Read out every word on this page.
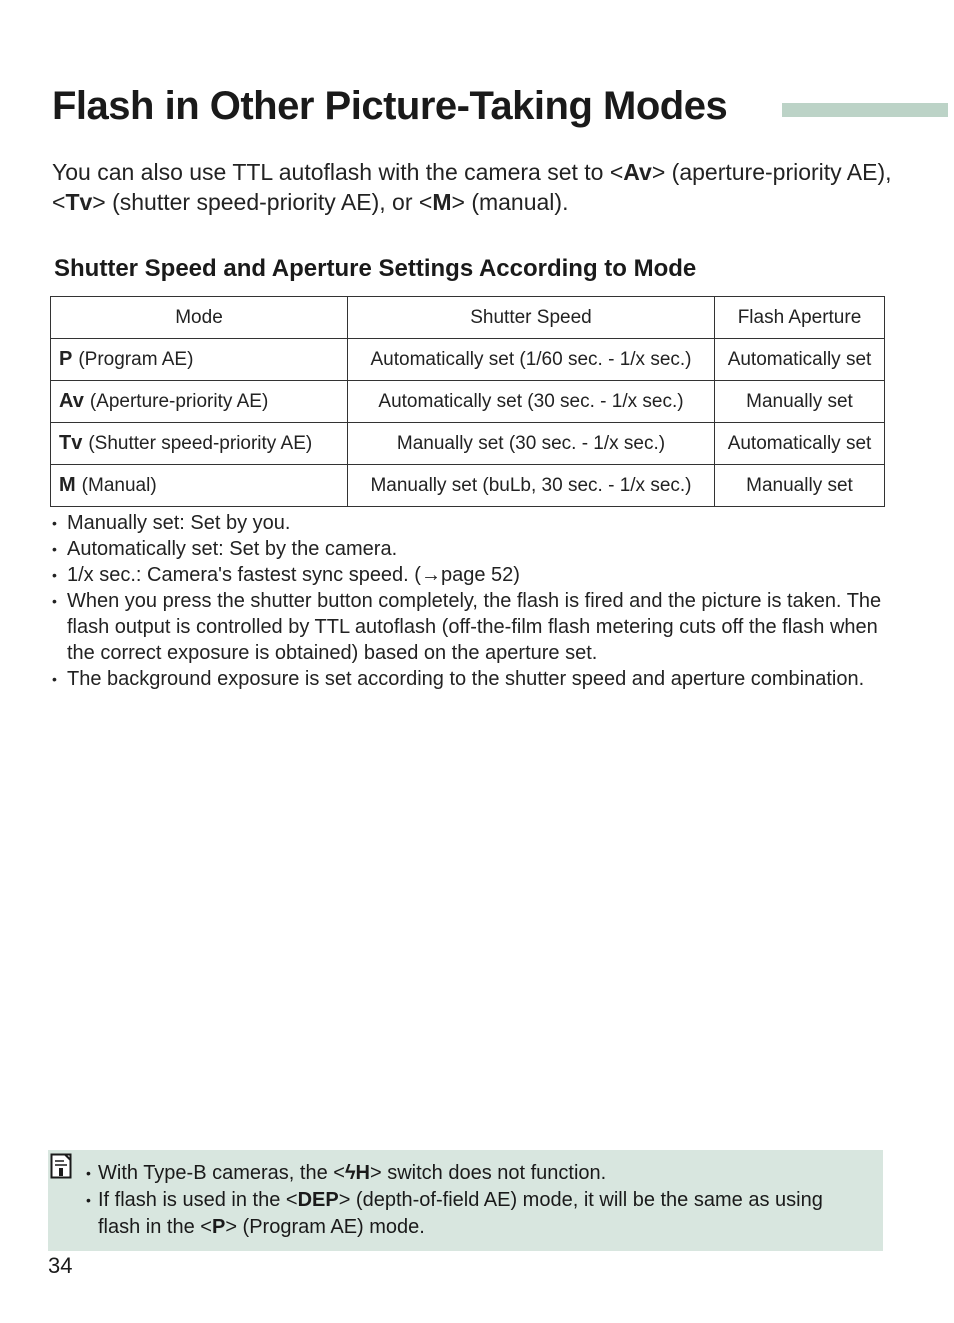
Flash in Other Picture-Taking Modes

You can also use TTL autoflash with the camera set to <Av> (aperture-priority AE), <Tv> (shutter speed-priority AE), or <M> (manual).

Shutter Speed and Aperture Settings According to Mode
Mode	Shutter Speed	Flash Aperture
P (Program AE)	Automatically set (1/60 sec. - 1/x sec.)	Automatically set
Av (Aperture-priority AE)	Automatically set (30 sec. - 1/x sec.)	Manually set
Tv (Shutter speed-priority AE)	Manually set (30 sec. - 1/x sec.)	Automatically set
M (Manual)	Manually set (buLb, 30 sec. - 1/x sec.)	Manually set
• Manually set: Set by you.
• Automatically set: Set by the camera.
• 1/x sec.: Camera's fastest sync speed. (→page 52)
• When you press the shutter button completely, the flash is fired and the picture is taken. The flash output is controlled by TTL autoflash (off-the-film flash metering cuts off the flash when the correct exposure is obtained) based on the aperture set.
• The background exposure is set according to the shutter speed and aperture combination.
• With Type-B cameras, the <ϟH> switch does not function.
• If flash is used in the <DEP> (depth-of-field AE) mode, it will be the same as using flash in the <P> (Program AE) mode.
34
